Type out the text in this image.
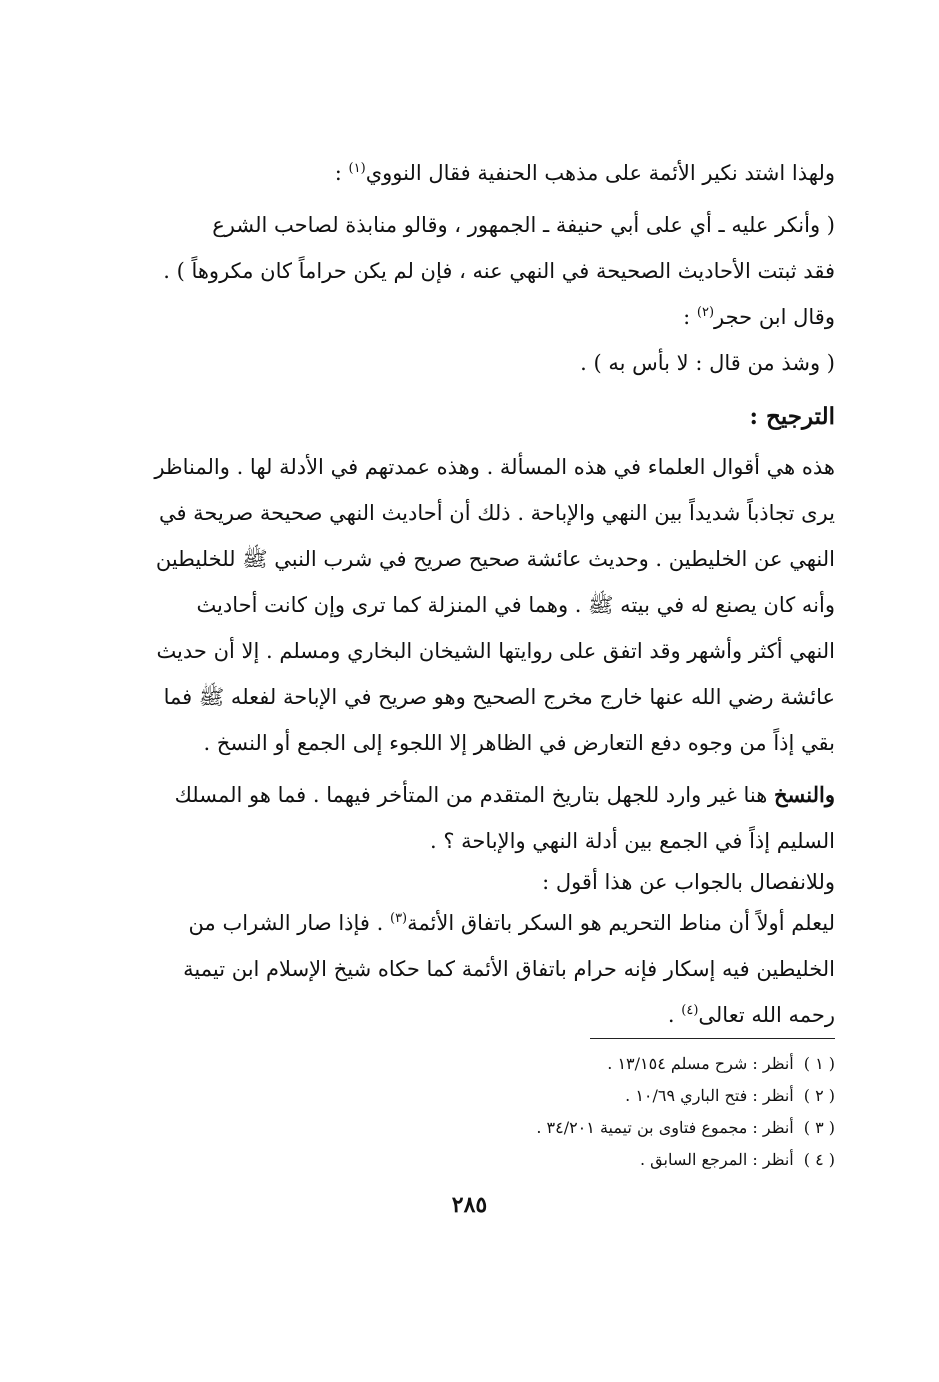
ولهذا اشتد نكير الأئمة على مذهب الحنفية فقال النووي$^{(١)}$ :
( وأنكر عليه ـ أي على أبي حنيفة ـ الجمهور ، وقالو منابذة لصاحب الشرع
فقد ثبتت الأحاديث الصحيحة في النهي عنه ، فإن لم يكن حراماً كان مكروهاً ) .
وقال ابن حجر$^{(٢)}$ :
( وشذ من قال : لا بأس به ) .
الترجيح :
هذه هي أقوال العلماء في هذه المسألة . وهذه عمدتهم في الأدلة لها . والمناظر
يرى تجاذباً شديداً بين النهي والإباحة . ذلك أن أحاديث النهي صحيحة صريحة في
النهي عن الخليطين . وحديث عائشة صحيح صريح في شرب النبي ﷺ للخليطين
وأنه كان يصنع له في بيته ﷺ . وهما في المنزلة كما ترى وإن كانت أحاديث
النهي أكثر وأشهر وقد اتفق على روايتها الشيخان البخاري ومسلم . إلا أن حديث
عائشة رضي الله عنها خارج مخرج الصحيح وهو صريح في الإباحة لفعله ﷺ فما
بقي إذاً من وجوه دفع التعارض في الظاهر إلا اللجوء إلى الجمع أو النسخ .
والنسخ هنا غير وارد للجهل بتاريخ المتقدم من المتأخر فيهما . فما هو المسلك
السليم إذاً في الجمع بين أدلة النهي والإباحة ؟ .
وللانفصال بالجواب عن هذا أقول :
ليعلم أولاً أن مناط التحريم هو السكر باتفاق الأئمة$^{(٣)}$ . فإذا صار الشراب من
الخليطين فيه إسكار فإنه حرام باتفاق الأئمة كما حكاه شيخ الإسلام ابن تيمية
رحمه الله تعالى$^{(٤)}$ .
( ١ )أنظر : شرح مسلم ١٣/١٥٤ .
( ٢ )أنظر : فتح الباري ١٠/٦٩ .
( ٣ )أنظر : مجموع فتاوى بن تيمية ٣٤/٢٠١ .
( ٤ )أنظر : المرجع السابق .
٢٨٥
